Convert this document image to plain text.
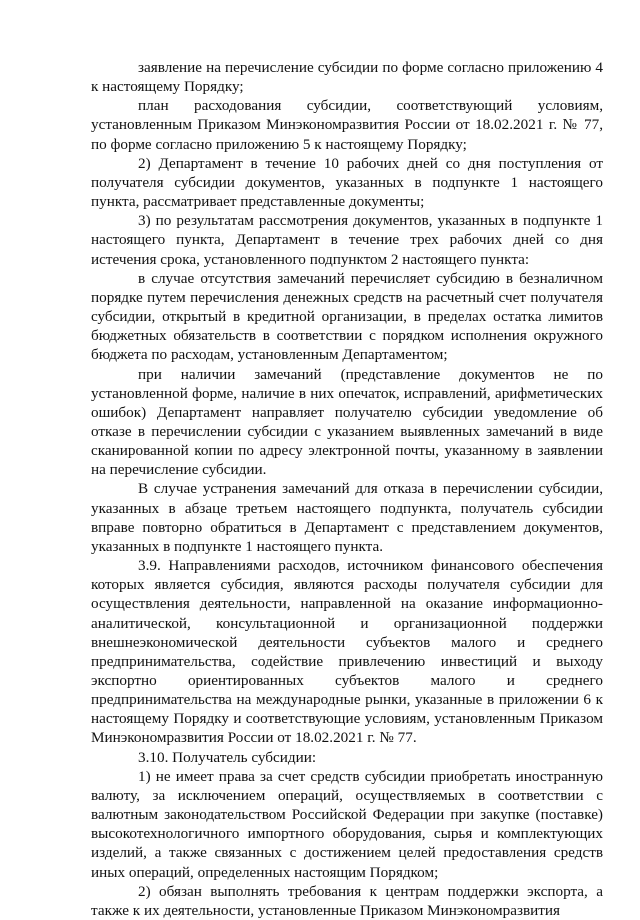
заявление на перечисление субсидии по форме согласно приложению 4 к настоящему Порядку;

план расходования субсидии, соответствующий условиям, установленным Приказом Минэкономразвития России от 18.02.2021 г. № 77, по форме согласно приложению 5 к настоящему Порядку;

2) Департамент в течение 10 рабочих дней со дня поступления от получателя субсидии документов, указанных в подпункте 1 настоящего пункта, рассматривает представленные документы;

3) по результатам рассмотрения документов, указанных в подпункте 1 настоящего пункта, Департамент в течение трех рабочих дней со дня истечения срока, установленного подпунктом 2 настоящего пункта:

в случае отсутствия замечаний перечисляет субсидию в безналичном порядке путем перечисления денежных средств на расчетный счет получателя субсидии, открытый в кредитной организации, в пределах остатка лимитов бюджетных обязательств в соответствии с порядком исполнения окружного бюджета по расходам, установленным Департаментом;

при наличии замечаний (представление документов не по установленной форме, наличие в них опечаток, исправлений, арифметических ошибок) Департамент направляет получателю субсидии уведомление об отказе в перечислении субсидии с указанием выявленных замечаний в виде сканированной копии по адресу электронной почты, указанному в заявлении на перечисление субсидии.

В случае устранения замечаний для отказа в перечислении субсидии, указанных в абзаце третьем настоящего подпункта, получатель субсидии вправе повторно обратиться в Департамент с представлением документов, указанных в подпункте 1 настоящего пункта.

3.9. Направлениями расходов, источником финансового обеспечения которых является субсидия, являются расходы получателя субсидии для осуществления деятельности, направленной на оказание информационно-аналитической, консультационной и организационной поддержки внешнеэкономической деятельности субъектов малого и среднего предпринимательства, содействие привлечению инвестиций и выходу экспортно ориентированных субъектов малого и среднего предпринимательства на международные рынки, указанные в приложении 6 к настоящему Порядку и соответствующие условиям, установленным Приказом Минэкономразвития России от 18.02.2021 г. № 77.

3.10. Получатель субсидии:

1) не имеет права за счет средств субсидии приобретать иностранную валюту, за исключением операций, осуществляемых в соответствии с валютным законодательством Российской Федерации при закупке (поставке) высокотехнологичного импортного оборудования, сырья и комплектующих изделий, а также связанных с достижением целей предоставления средств иных операций, определенных настоящим Порядком;

2) обязан выполнять требования к центрам поддержки экспорта, а также к их деятельности, установленные Приказом Минэкономразвития
